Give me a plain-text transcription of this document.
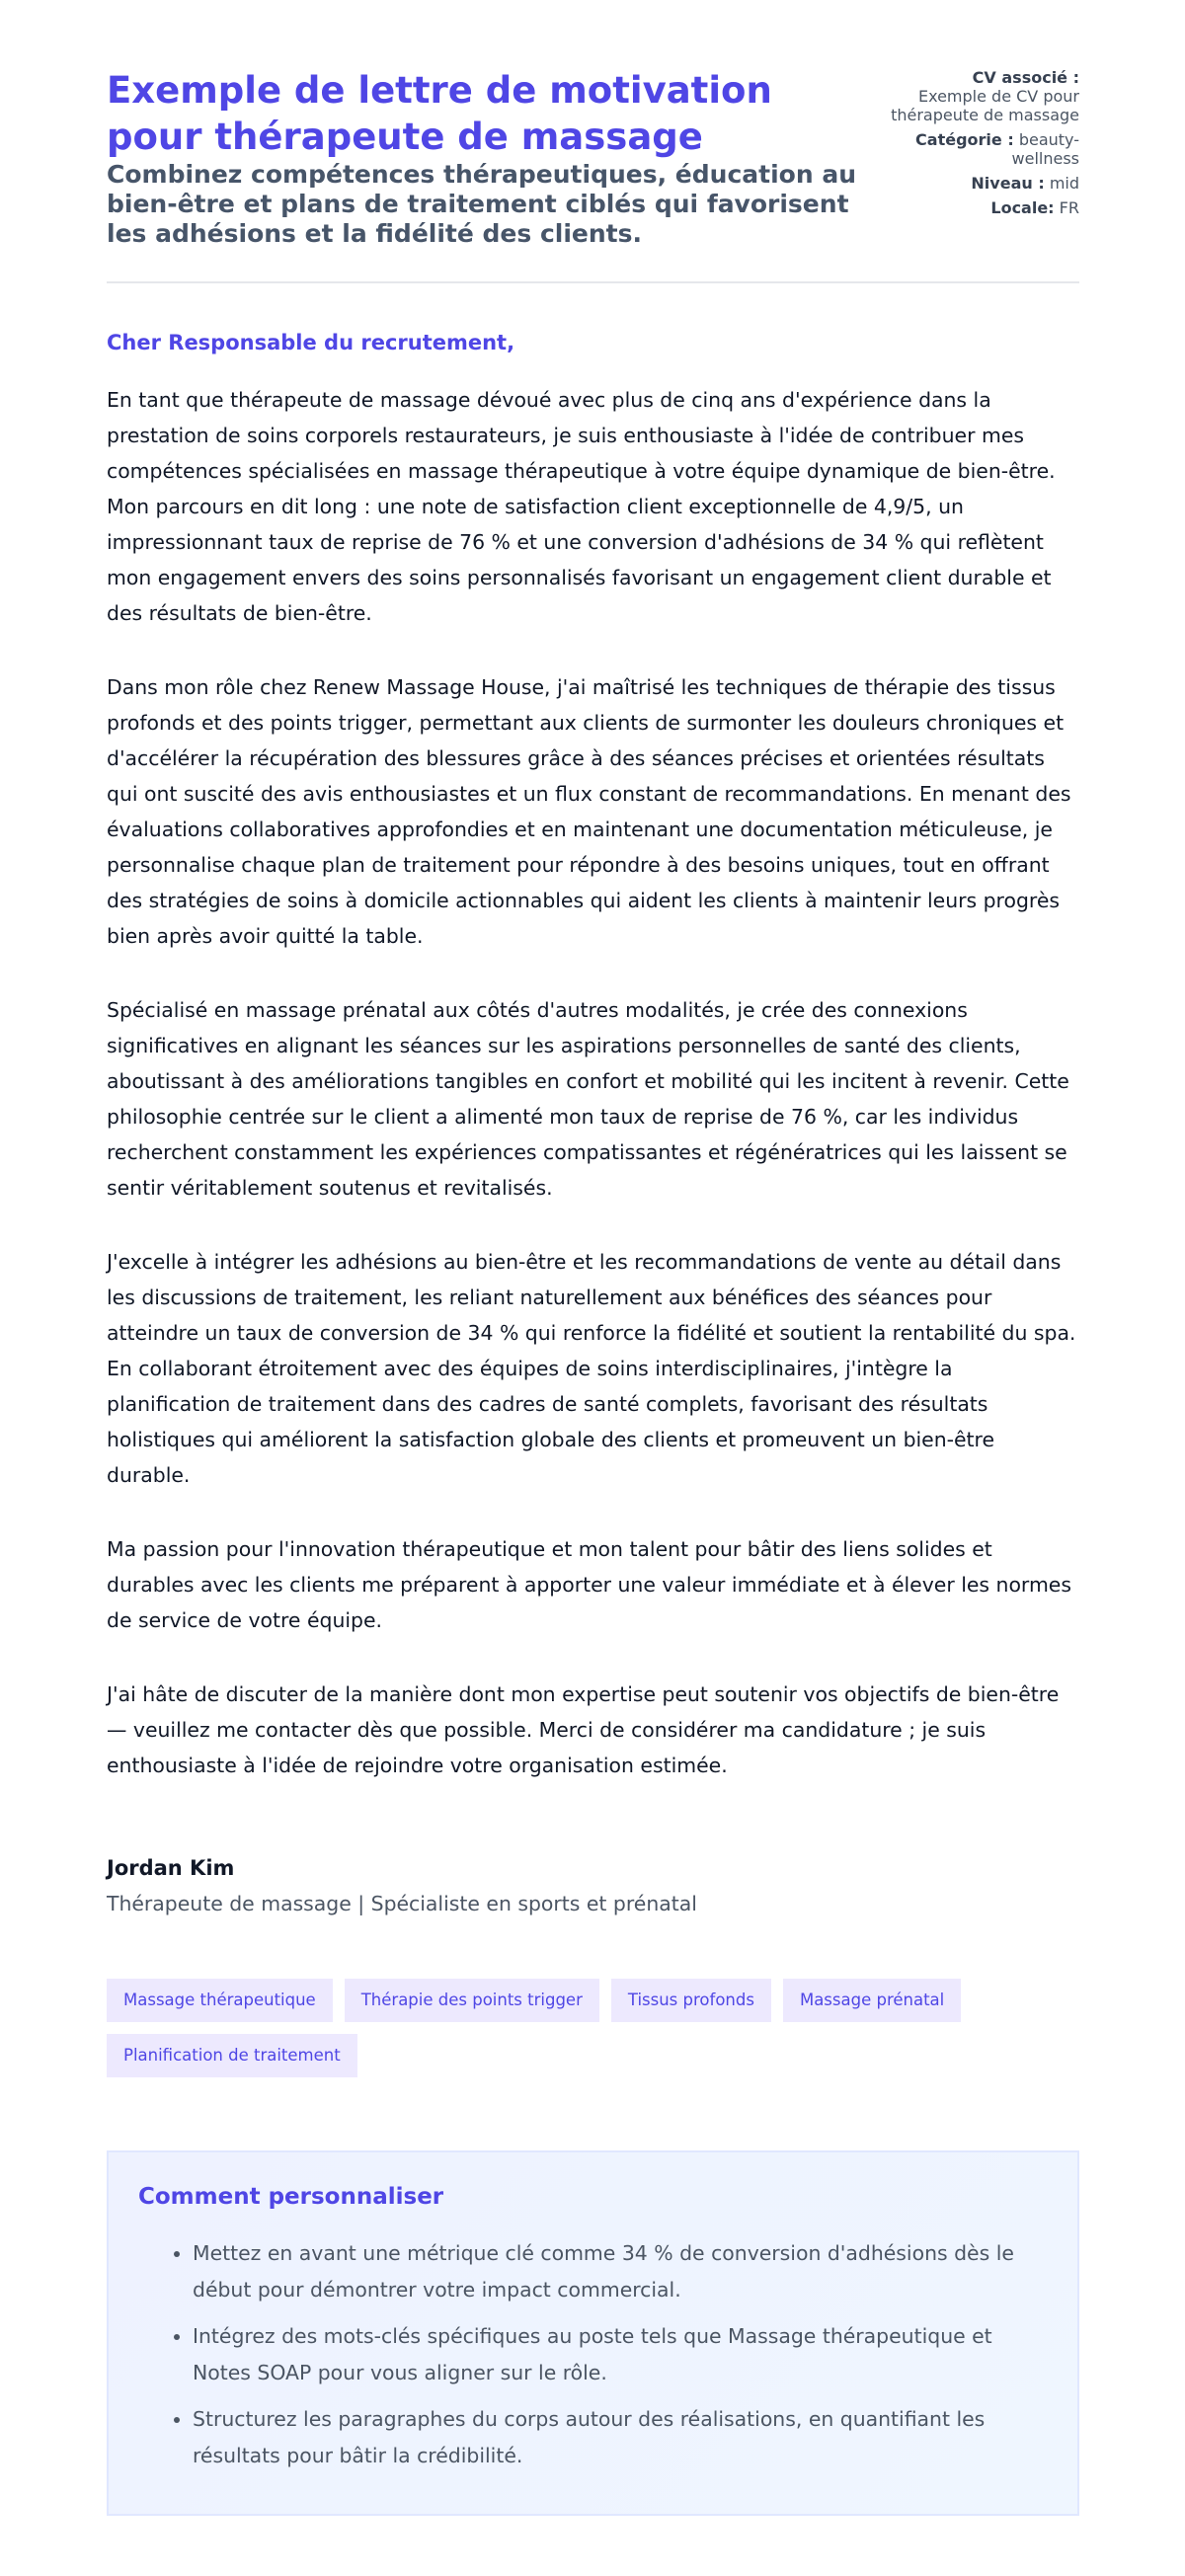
Exemple de lettre de motivation pour thérapeute de massage

Combinez compétences thérapeutiques, éducation au bien-être et plans de traitement ciblés qui favorisent les adhésions et la fidélité des clients.

CV associé :
Exemple de CV pour thérapeute de massage
Catégorie : beauty-wellness
Niveau : mid
Locale: FR

Cher Responsable du recrutement,

En tant que thérapeute de massage dévoué avec plus de cinq ans d'expérience dans la prestation de soins corporels restaurateurs, je suis enthousiaste à l'idée de contribuer mes compétences spécialisées en massage thérapeutique à votre équipe dynamique de bien-être. Mon parcours en dit long : une note de satisfaction client exceptionnelle de 4,9/5, un impressionnant taux de reprise de 76 % et une conversion d'adhésions de 34 % qui reflètent mon engagement envers des soins personnalisés favorisant un engagement client durable et des résultats de bien-être.

Dans mon rôle chez Renew Massage House, j'ai maîtrisé les techniques de thérapie des tissus profonds et des points trigger, permettant aux clients de surmonter les douleurs chroniques et d'accélérer la récupération des blessures grâce à des séances précises et orientées résultats qui ont suscité des avis enthousiastes et un flux constant de recommandations. En menant des évaluations collaboratives approfondies et en maintenant une documentation méticuleuse, je personnalise chaque plan de traitement pour répondre à des besoins uniques, tout en offrant des stratégies de soins à domicile actionnables qui aident les clients à maintenir leurs progrès bien après avoir quitté la table.

Spécialisé en massage prénatal aux côtés d'autres modalités, je crée des connexions significatives en alignant les séances sur les aspirations personnelles de santé des clients, aboutissant à des améliorations tangibles en confort et mobilité qui les incitent à revenir. Cette philosophie centrée sur le client a alimenté mon taux de reprise de 76 %, car les individus recherchent constamment les expériences compatissantes et régénératrices qui les laissent se sentir véritablement soutenus et revitalisés.

J'excelle à intégrer les adhésions au bien-être et les recommandations de vente au détail dans les discussions de traitement, les reliant naturellement aux bénéfices des séances pour atteindre un taux de conversion de 34 % qui renforce la fidélité et soutient la rentabilité du spa. En collaborant étroitement avec des équipes de soins interdisciplinaires, j'intègre la planification de traitement dans des cadres de santé complets, favorisant des résultats holistiques qui améliorent la satisfaction globale des clients et promeuvent un bien-être durable.

Ma passion pour l'innovation thérapeutique et mon talent pour bâtir des liens solides et durables avec les clients me préparent à apporter une valeur immédiate et à élever les normes de service de votre équipe.

J'ai hâte de discuter de la manière dont mon expertise peut soutenir vos objectifs de bien-être — veuillez me contacter dès que possible. Merci de considérer ma candidature ; je suis enthousiaste à l'idée de rejoindre votre organisation estimée.

Jordan Kim

Thérapeute de massage | Spécialiste en sports et prénatal

Massage thérapeutique	Thérapie des points trigger	Tissus profonds	Massage prénatal
Planification de traitement
Comment personnaliser
• Mettez en avant une métrique clé comme 34 % de conversion d'adhésions dès le début pour démontrer votre impact commercial.
• Intégrez des mots-clés spécifiques au poste tels que Massage thérapeutique et Notes SOAP pour vous aligner sur le rôle.
• Structurez les paragraphes du corps autour des réalisations, en quantifiant les résultats pour bâtir la crédibilité.
